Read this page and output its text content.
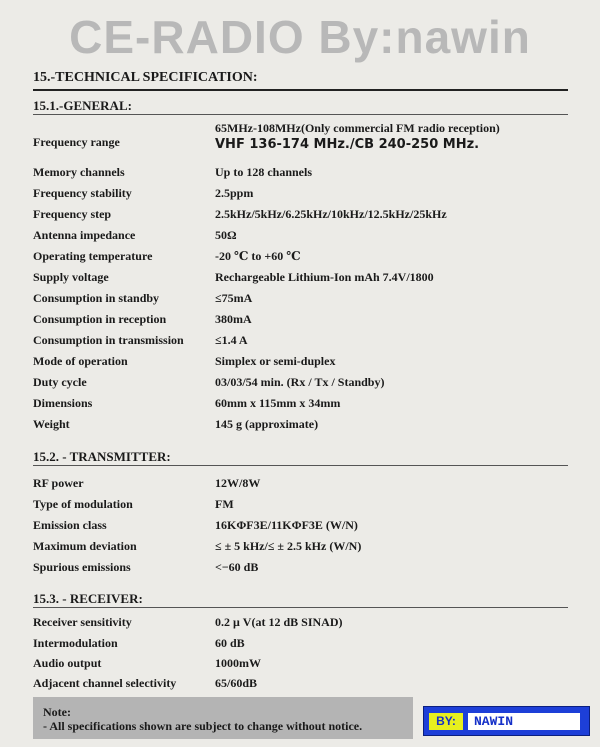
CE-RADIO By:nawin
15.-TECHNICAL SPECIFICATION:
15.1.-GENERAL:
Frequency range
65MHz-108MHz(Only commercial FM radio reception)
VHF 136-174 MHz./CB 240-250 MHz.
Memory channels	Up to 128 channels
Frequency stability	2.5ppm
Frequency step	2.5kHz/5kHz/6.25kHz/10kHz/12.5kHz/25kHz
Antenna impedance	50Ω
Operating temperature	-20 ℃ to +60 ℃
Supply voltage	Rechargeable Lithium-Ion mAh 7.4V/1800
Consumption in standby	≤75mA
Consumption in reception	380mA
Consumption in transmission	≤1.4 A
Mode of operation	Simplex or semi-duplex
Duty cycle	03/03/54 min. (Rx / Tx / Standby)
Dimensions	60mm x 115mm x 34mm
Weight	145 g (approximate)
15.2. - TRANSMITTER:
RF power	12W/8W
Type of modulation	FM
Emission class	16KΦF3E/11KΦF3E (W/N)
Maximum deviation	≤ ± 5 kHz/≤ ± 2.5 kHz (W/N)
Spurious emissions	<−60 dB
15.3. - RECEIVER:
Receiver sensitivity	0.2 μ V(at 12 dB SINAD)
Intermodulation	60 dB
Audio output	1000mW
Adjacent channel selectivity	65/60dB
Note:
- All specifications shown are subject to change without notice.	BY:	NAWIN
